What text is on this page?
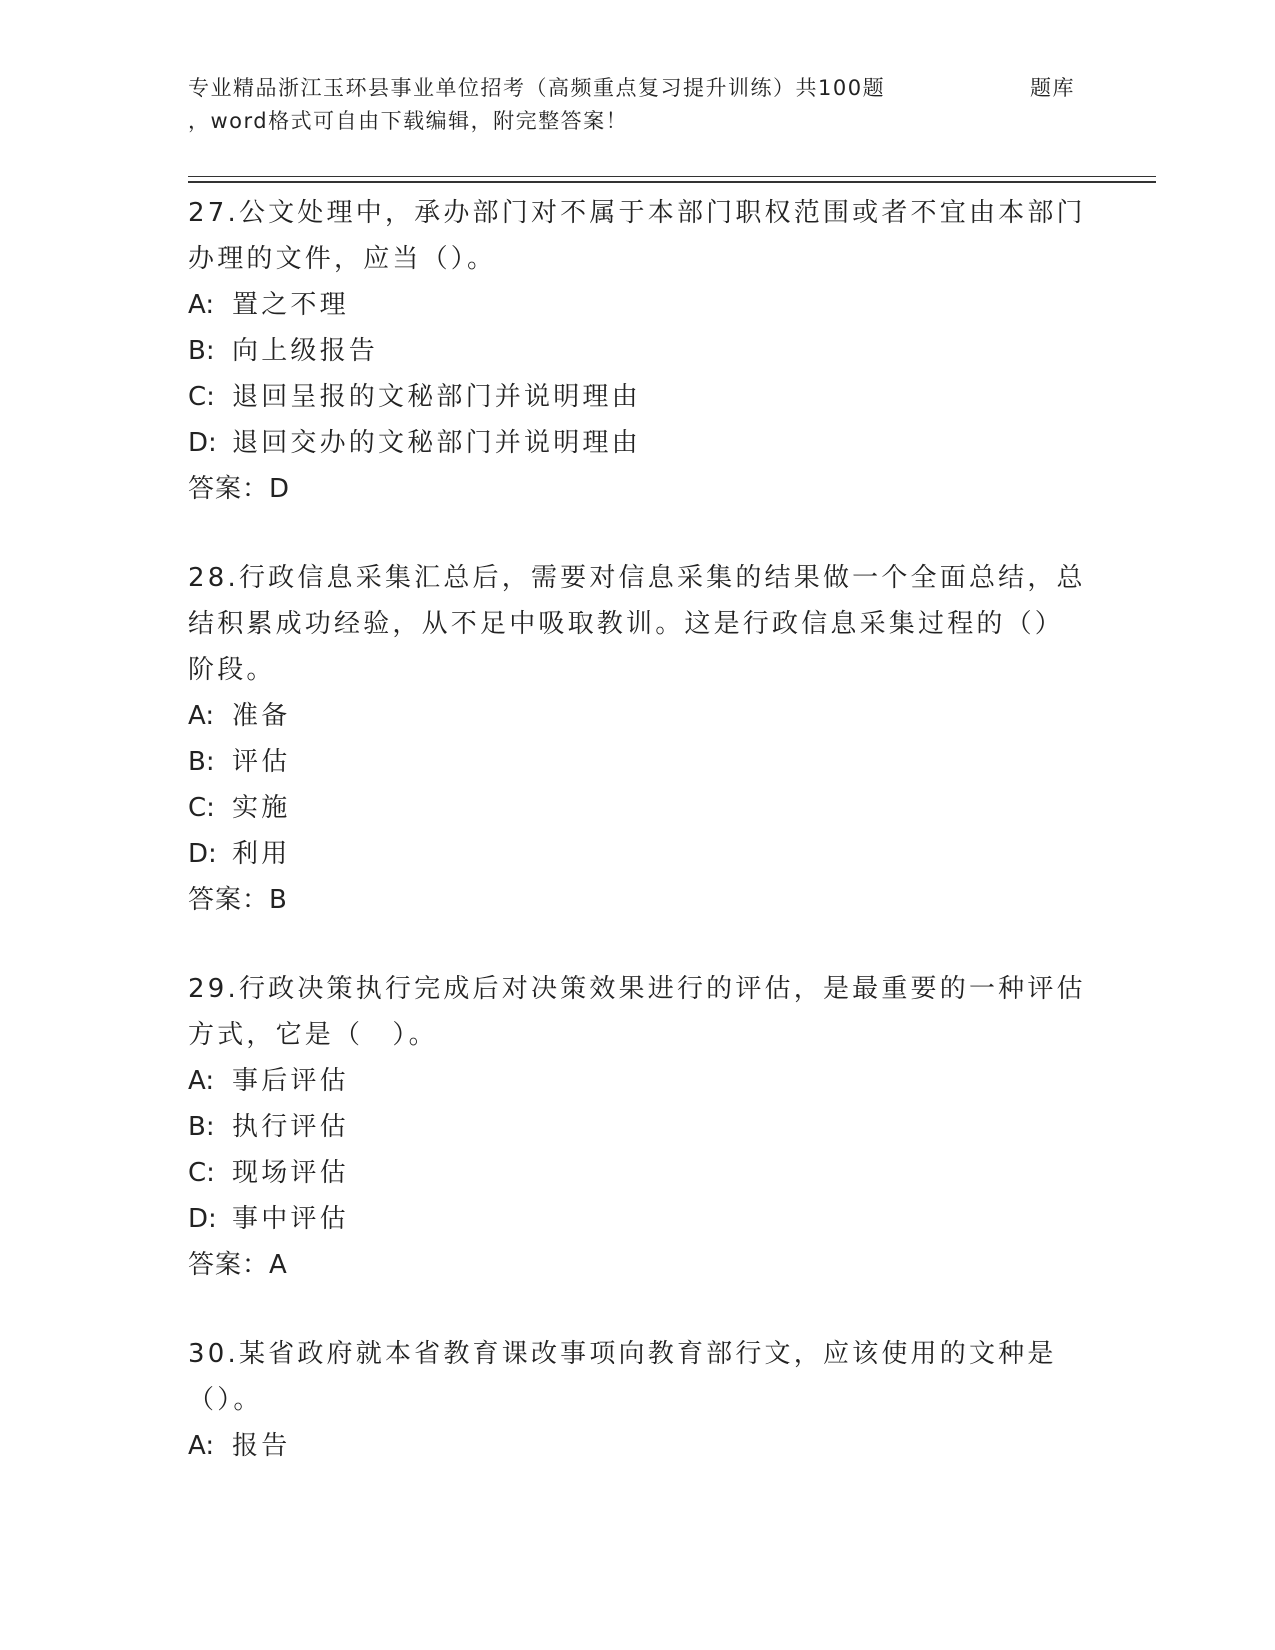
专业精品浙江玉环县事业单位招考（高频重点复习提升训练）共100题	题库
，word格式可自由下载编辑，附完整答案！
27.公文处理中，承办部门对不属于本部门职权范围或者不宜由本部门办理的文件，应当（）。
A: 置之不理
B: 向上级报告
C: 退回呈报的文秘部门并说明理由
D: 退回交办的文秘部门并说明理由
答案：D
28.行政信息采集汇总后，需要对信息采集的结果做一个全面总结，总结积累成功经验，从不足中吸取教训。这是行政信息采集过程的（）阶段。
A: 准备
B: 评估
C: 实施
D: 利用
答案：B
29.行政决策执行完成后对决策效果进行的评估，是最重要的一种评估方式，它是（　）。
A: 事后评估
B: 执行评估
C: 现场评估
D: 事中评估
答案：A
30.某省政府就本省教育课改事项向教育部行文，应该使用的文种是（）。
A: 报告
